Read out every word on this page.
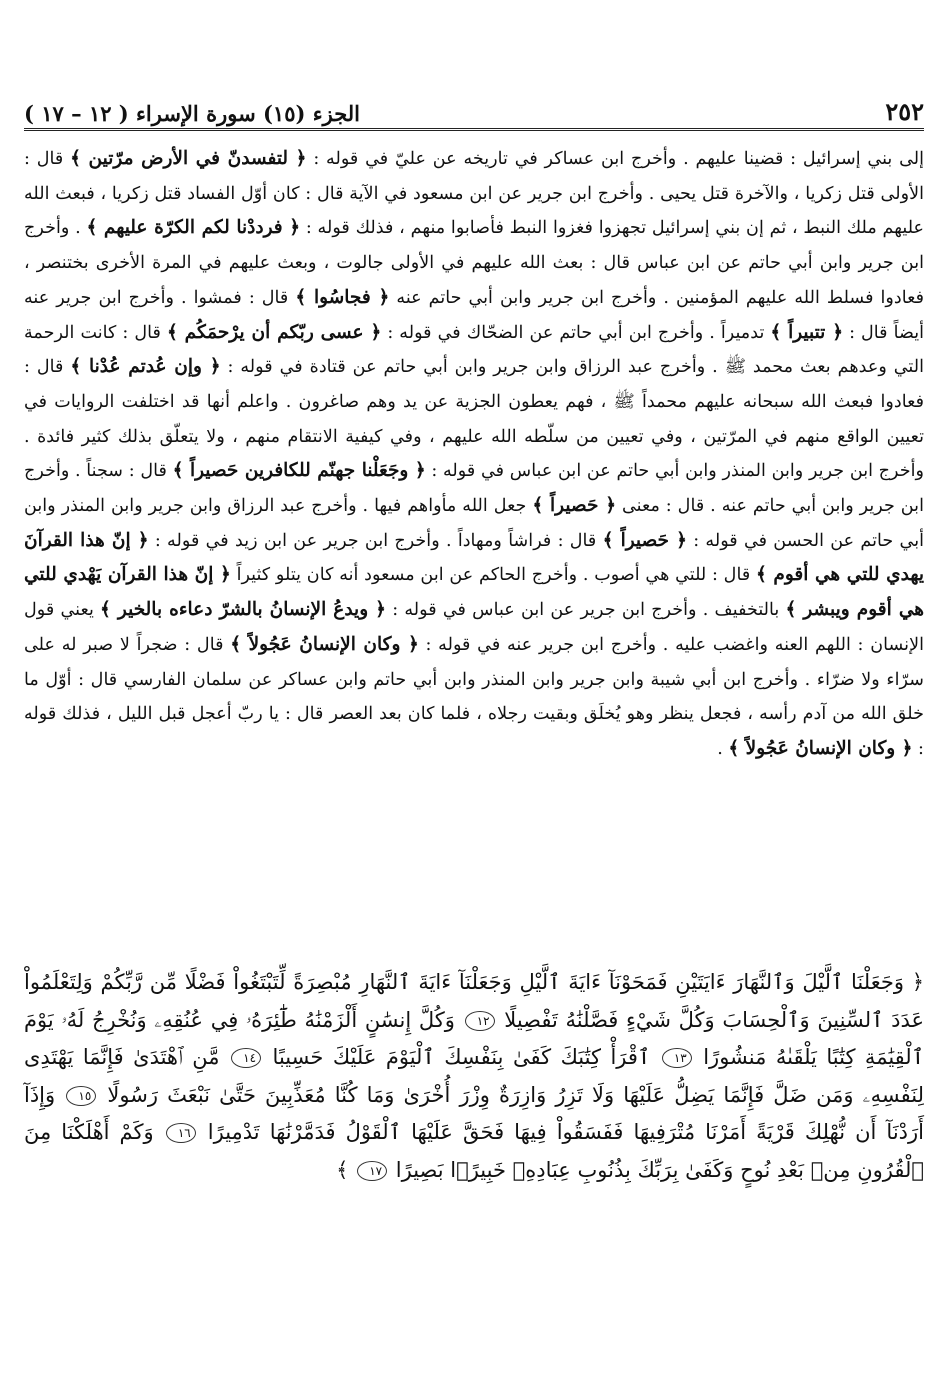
٢٥٢
الجزء (١٥) سورة الإسراء ( ١٢ – ١٧ )
إلى بني إسرائيل : قضينا عليهم . وأخرج ابن عساكر في تاريخه عن عليّ في قوله : ﴿ لتفسدنّ في الأرض مرّتين ﴾ قال : الأولى قتل زكريا ، والآخرة قتل يحيى . وأخرج ابن جرير عن ابن مسعود في الآية قال : كان أوّل الفساد قتل زكريا ، فبعث الله عليهم ملك النبط ، ثم إن بني إسرائيل تجهزوا فغزوا النبط فأصابوا منهم ، فذلك قوله : ﴿ فرددْنا لكم الكرّة عليهم ﴾ . وأخرج ابن جرير وابن أبي حاتم عن ابن عباس قال : بعث الله عليهم في الأولى جالوت ، وبعث عليهم في المرة الأخرى بختنصر ، فعادوا فسلط الله عليهم المؤمنين . وأخرج ابن جرير وابن أبي حاتم عنه ﴿ فجاسُوا ﴾ قال : فمشوا . وأخرج ابن جرير عنه أيضاً قال : ﴿ تتبيراً ﴾ تدميراً . وأخرج ابن أبي حاتم عن الضحّاك في قوله : ﴿ عسى ربّكم أن يرْحمَكُم ﴾ قال : كانت الرحمة التي وعدهم بعث محمد ﷺ . وأخرج عبد الرزاق وابن جرير وابن أبي حاتم عن قتادة في قوله : ﴿ وإن عُدتم عُدْنا ﴾ قال : فعادوا فبعث الله سبحانه عليهم محمداً ﷺ ، فهم يعطون الجزية عن يد وهم صاغرون . واعلم أنها قد اختلفت الروايات في تعيين الواقع منهم في المرّتين ، وفي تعيين من سلّطه الله عليهم ، وفي كيفية الانتقام منهم ، ولا يتعلّق بذلك كثير فائدة . وأخرج ابن جرير وابن المنذر وابن أبي حاتم عن ابن عباس في قوله : ﴿ وجَعَلْنا جهنّم للكافرين حَصيراً ﴾ قال : سجناً . وأخرج ابن جرير وابن أبي حاتم عنه . قال : معنى ﴿ حَصيراً ﴾ جعل الله مأواهم فيها . وأخرج عبد الرزاق وابن جرير وابن المنذر وابن أبي حاتم عن الحسن في قوله : ﴿ حَصيراً ﴾ قال : فراشاً ومهاداً . وأخرج ابن جرير عن ابن زيد في قوله : ﴿ إنّ هذا القرآنَ يهدي للتي هي أقوم ﴾ قال : للتي هي أصوب . وأخرج الحاكم عن ابن مسعود أنه كان يتلو كثيراً ﴿ إنّ هذا القرآن يَهْدي للتي هي أقوم ويبشر ﴾ بالتخفيف . وأخرج ابن جرير عن ابن عباس في قوله : ﴿ ويدعُ الإنسانُ بالشرّ دعاءه بالخير ﴾ يعني قول الإنسان : اللهم العنه واغضب عليه . وأخرج ابن جرير عنه في قوله : ﴿ وكان الإنسانُ عَجُولاً ﴾ قال : ضجراً لا صبر له على سرّاء ولا ضرّاء . وأخرج ابن أبي شيبة وابن جرير وابن المنذر وابن أبي حاتم وابن عساكر عن سلمان الفارسي قال : أوّل ما خلق الله من آدم رأسه ، فجعل ينظر وهو يُخلَق وبقيت رجلاه ، فلما كان بعد العصر قال : يا ربّ أعجل قبل الليل ، فذلك قوله : ﴿ وكان الإنسانُ عَجُولاً ﴾ .
﴿ وَجَعَلْنَا ٱلَّيْلَ وَٱلنَّهَارَ ءَايَتَيْنِ فَمَحَوْنَآ ءَايَةَ ٱلَّيْلِ وَجَعَلْنَآ ءَايَةَ ٱلنَّهَارِ مُبْصِرَةً لِّتَبْتَغُواْ فَضْلًا مِّن رَّبِّكُمْ وَلِتَعْلَمُواْ عَدَدَ ٱلسِّنِينَ وَٱلْحِسَابَ وَكُلَّ شَيْءٍ فَصَّلْنَٰهُ تَفْصِيلًا ١٢ وَكُلَّ إِنسَٰنٍ أَلْزَمْنَٰهُ طَٰٓئِرَهُۥ فِي عُنُقِهِۦ وَنُخْرِجُ لَهُۥ يَوْمَ ٱلْقِيَٰمَةِ كِتَٰبًا يَلْقَىٰهُ مَنشُورًا ١٣ ٱقْرَأْ كِتَٰبَكَ كَفَىٰ بِنَفْسِكَ ٱلْيَوْمَ عَلَيْكَ حَسِيبًا ١٤ مَّنِ ٱهْتَدَىٰ فَإِنَّمَا يَهْتَدِى لِنَفْسِهِۦ وَمَن ضَلَّ فَإِنَّمَا يَضِلُّ عَلَيْهَا وَلَا تَزِرُ وَازِرَةٌ وِزْرَ أُخْرَىٰ وَمَا كُنَّا مُعَذِّبِينَ حَتَّىٰ نَبْعَثَ رَسُولًا ١٥ وَإِذَآ أَرَدْنَآ أَن نُّهْلِكَ قَرْيَةً أَمَرْنَا مُتْرَفِيهَا فَفَسَقُواْ فِيهَا فَحَقَّ عَلَيْهَا ٱلْقَوْلُ فَدَمَّرْنَٰهَا تَدْمِيرًا ١٦ وَكَمْ أَهْلَكْنَا مِنَ ٱلْقُرُونِ مِنۢ بَعْدِ نُوحٍ وَكَفَىٰ بِرَبِّكَ بِذُنُوبِ عِبَادِهِۦ خَبِيرًۢا بَصِيرًا ١٧ ﴾
